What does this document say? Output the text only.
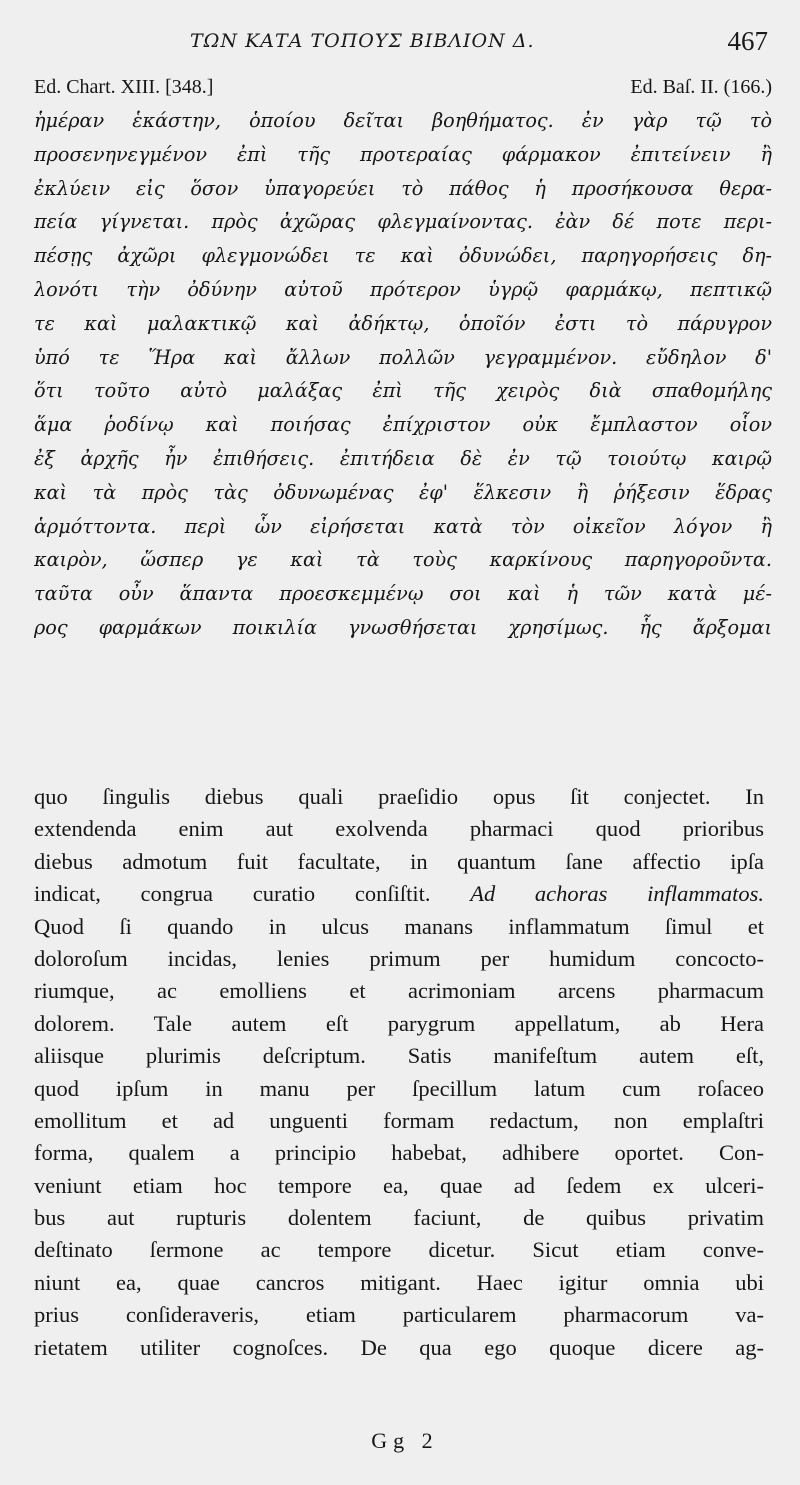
ΤΩΝ ΚΑΤΑ ΤΟΠΟΥΣ ΒΙΒΛΙΟΝ Δ.	467
Ed. Chart. XIII. [348.]	Ed. Baſ. II. (166.)
ἡμέραν ἑκάστην, ὁποίου δεῖται βοηθήματος. ἐν γὰρ τῷ τὸ
προσενηνεγμένον ἐπὶ τῆς προτεραίας φάρμακον ἐπιτείνειν ἢ
ἐκλύειν εἰς ὅσον ὑπαγορεύει τὸ πάθος ἡ προσήκουσα θερα-
πεία γίγνεται. πρὸς ἀχῶρας φλεγμαίνοντας. ἐὰν δέ ποτε περι-
πέσῃς ἀχῶρι φλεγμονώδει τε καὶ ὀδυνώδει, παρηγορήσεις δη-
λονότι τὴν ὀδύνην αὐτοῦ πρότερον ὑγρῷ φαρμάκῳ, πεπτικῷ
τε καὶ μαλακτικῷ καὶ ἀδήκτῳ, ὁποῖόν ἐστι τὸ πάρυγρον
ὑπό τε Ἥρα καὶ ἄλλων πολλῶν γεγραμμένον. εὔδηλον δ'
ὅτι τοῦτο αὐτὸ μαλάξας ἐπὶ τῆς χειρὸς διὰ σπαθομήλης
ἅμα ῥοδίνῳ καὶ ποιήσας ἐπίχριστον οὐκ ἔμπλαστον οἷον
ἐξ ἀρχῆς ἦν ἐπιθήσεις. ἐπιτήδεια δὲ ἐν τῷ τοιούτῳ καιρῷ
καὶ τὰ πρὸς τὰς ὀδυνωμένας ἐφ' ἕλκεσιν ἢ ῥήξεσιν ἕδρας
ἁρμόττοντα. περὶ ὧν εἰρήσεται κατὰ τὸν οἰκεῖον λόγον ἢ
καιρὸν, ὥσπερ γε καὶ τὰ τοὺς καρκίνους παρηγοροῦντα.
ταῦτα οὖν ἅπαντα προεσκεμμένῳ σοι καὶ ἡ τῶν κατὰ μέ-
ρος φαρμάκων ποικιλία γνωσθήσεται χρησίμως. ἧς ἄρξομαι

quo ſingulis diebus quali praeſidio opus ſit conjectet. In
extendenda enim aut exolvenda pharmaci quod prioribus
diebus admotum fuit facultate, in quantum ſane affectio ipſa
indicat, congrua curatio conſiſtit. Ad achoras inflammatos.
Quod ſi quando in ulcus manans inflammatum ſimul et
doloroſum incidas, lenies primum per humidum concocto-
riumque, ac emolliens et acrimoniam arcens pharmacum
dolorem. Tale autem eſt parygrum appellatum, ab Hera
aliisque plurimis deſcriptum. Satis manifeſtum autem eſt,
quod ipſum in manu per ſpecillum latum cum roſaceo
emollitum et ad unguenti formam redactum, non emplaſtri
forma, qualem a principio habebat, adhibere oportet. Con-
veniunt etiam hoc tempore ea, quae ad ſedem ex ulceri-
bus aut rupturis dolentem faciunt, de quibus privatim
deſtinato ſermone ac tempore dicetur. Sicut etiam conve-
niunt ea, quae cancros mitigant. Haec igitur omnia ubi
prius conſideraveris, etiam particularem pharmacorum va-
rietatem utiliter cognoſces. De qua ego quoque dicere ag-
Gg 2
